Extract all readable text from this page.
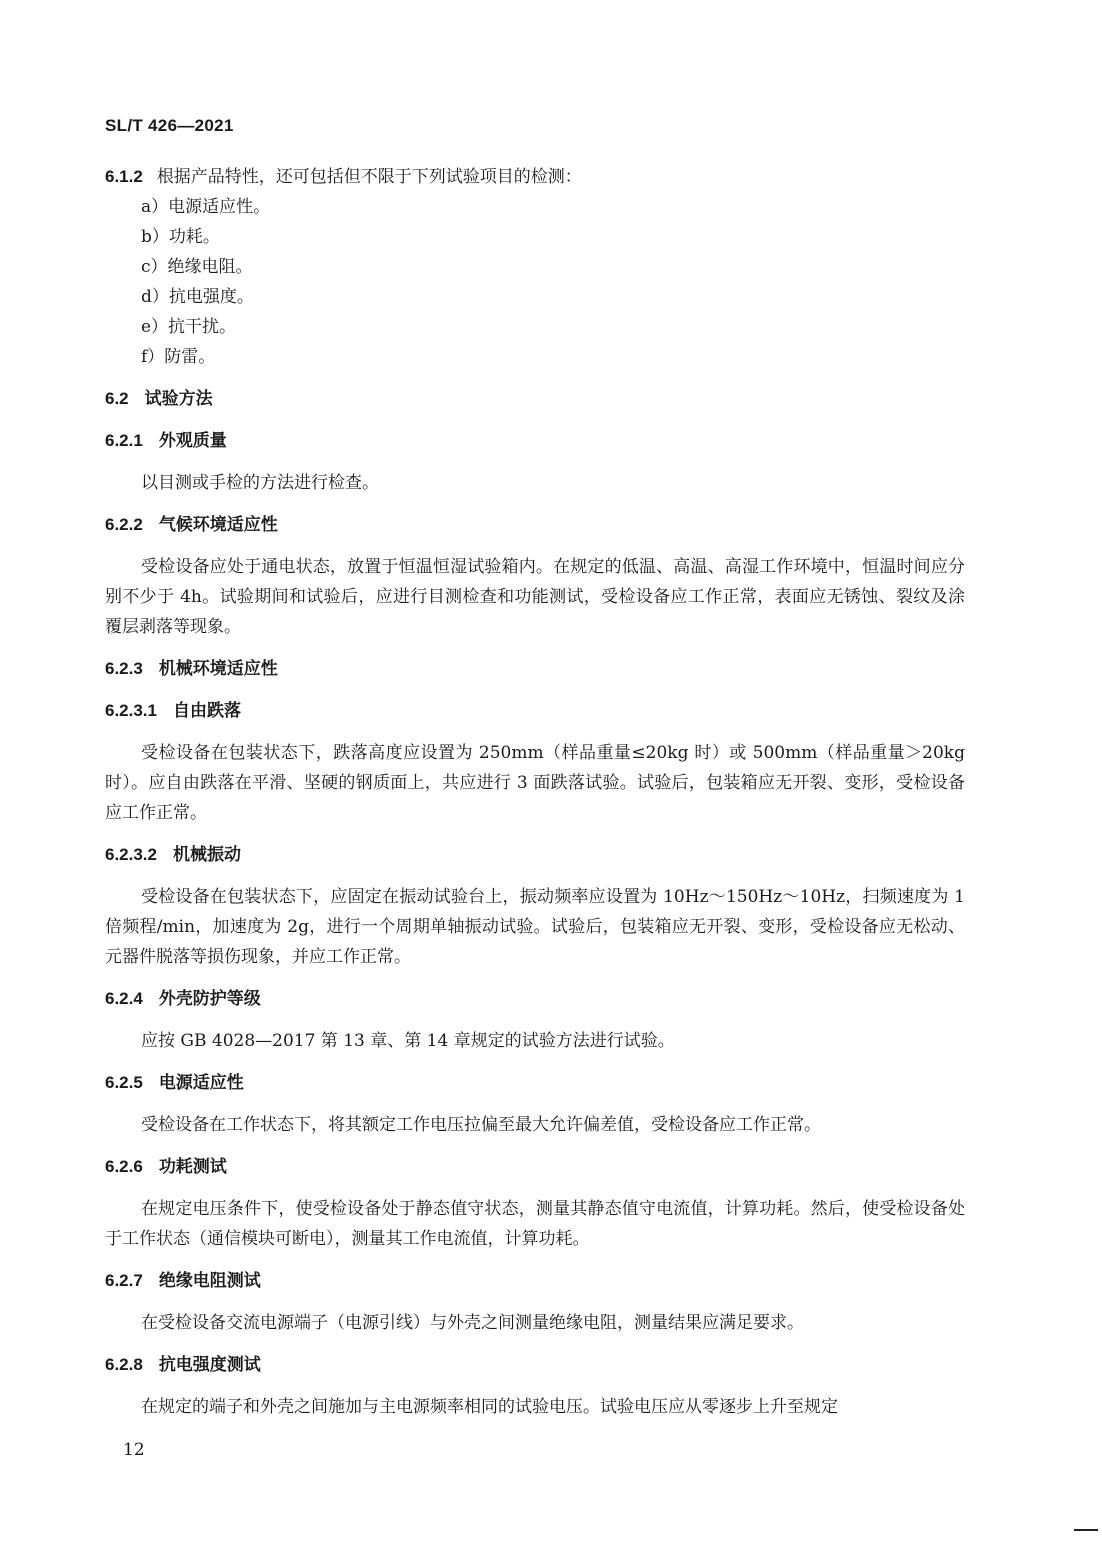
SL/T 426—2021
6.1.2 根据产品特性，还可包括但不限于下列试验项目的检测：
a）电源适应性。
b）功耗。
c）绝缘电阻。
d）抗电强度。
e）抗干扰。
f）防雷。
6.2 试验方法
6.2.1 外观质量

以目测或手检的方法进行检查。

6.2.2 气候环境适应性

受检设备应处于通电状态，放置于恒温恒湿试验箱内。在规定的低温、高温、高湿工作环境中，恒温时间应分别不少于 4h。试验期间和试验后，应进行目测检查和功能测试，受检设备应工作正常，表面应无锈蚀、裂纹及涂覆层剥落等现象。

6.2.3 机械环境适应性
6.2.3.1 自由跌落

受检设备在包装状态下，跌落高度应设置为 250mm（样品重量≤20kg 时）或 500mm（样品重量＞20kg 时）。应自由跌落在平滑、坚硬的钢质面上，共应进行 3 面跌落试验。试验后，包装箱应无开裂、变形，受检设备应工作正常。

6.2.3.2 机械振动

受检设备在包装状态下，应固定在振动试验台上，振动频率应设置为 10Hz～150Hz～10Hz，扫频速度为 1 倍频程/min，加速度为 2g，进行一个周期单轴振动试验。试验后，包装箱应无开裂、变形，受检设备应无松动、元器件脱落等损伤现象，并应工作正常。

6.2.4 外壳防护等级

应按 GB 4028—2017 第 13 章、第 14 章规定的试验方法进行试验。

6.2.5 电源适应性

受检设备在工作状态下，将其额定工作电压拉偏至最大允许偏差值，受检设备应工作正常。

6.2.6 功耗测试

在规定电压条件下，使受检设备处于静态值守状态，测量其静态值守电流值，计算功耗。然后，使受检设备处于工作状态（通信模块可断电），测量其工作电流值，计算功耗。

6.2.7 绝缘电阻测试

在受检设备交流电源端子（电源引线）与外壳之间测量绝缘电阻，测量结果应满足要求。

6.2.8 抗电强度测试

在规定的端子和外壳之间施加与主电源频率相同的试验电压。试验电压应从零逐步上升至规定

12
